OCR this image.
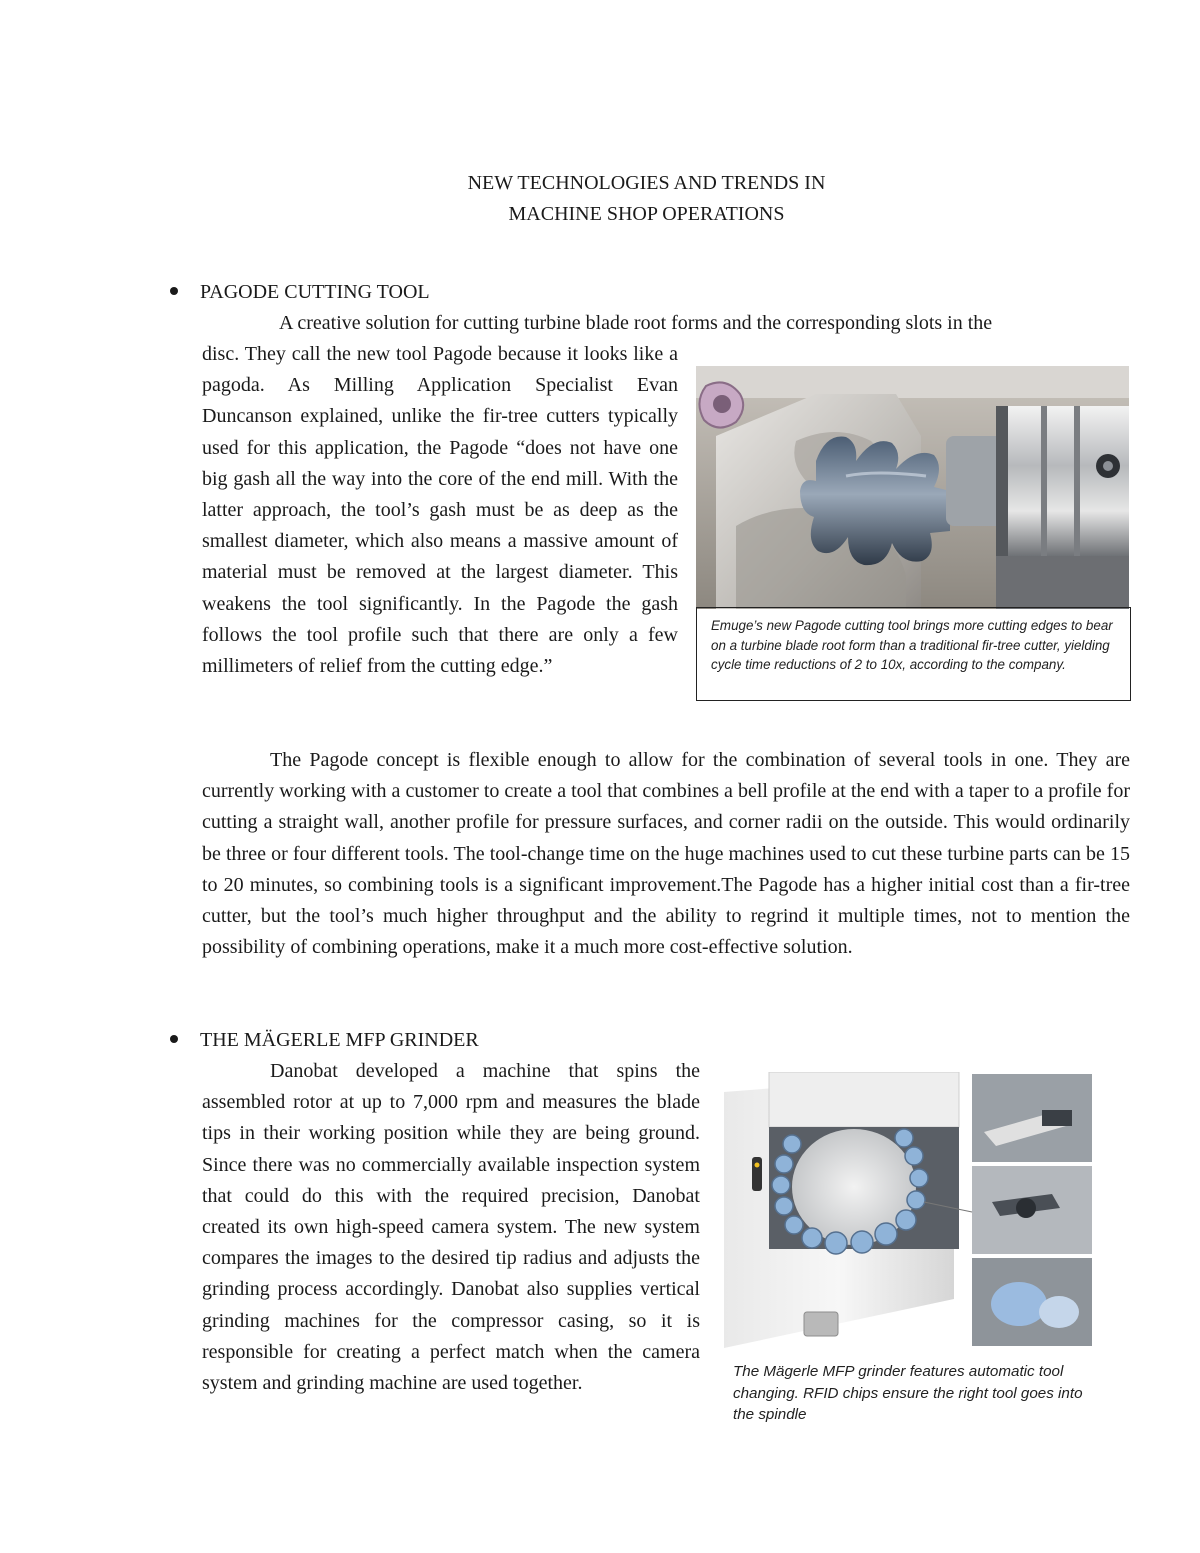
NEW TECHNOLOGIES AND TRENDS IN
MACHINE SHOP OPERATIONS
PAGODE CUTTING TOOL

A creative solution for cutting turbine blade root forms and the corresponding slots in the

disc. They call the new tool Pagode because it looks like a pagoda. As Milling Application Specialist Evan Duncanson explained, unlike the fir-tree cutters typically used for this application, the Pagode “does not have one big gash all the way into the core of the end mill. With the latter approach, the tool’s gash must be as deep as the smallest diameter, which also means a massive amount of material must be removed at the largest diameter. This weakens the tool significantly. In the Pagode the gash follows the tool profile such that there are only a few millimeters of relief from the cutting edge.”

Emuge’s new Pagode cutting tool brings more cutting edges to bear on a turbine blade root form than a traditional fir-tree cutter, yielding cycle time reductions of 2 to 10x, according to the company.

The Pagode concept is flexible enough to allow for the combination of several tools in one. They are currently working with a customer to create a tool that combines a bell profile at the end with a taper to a profile for cutting a straight wall, another profile for pressure surfaces, and corner radii on the outside. This would ordinarily be three or four different tools. The tool-change time on the huge machines used to cut these turbine parts can be 15 to 20 minutes, so combining tools is a significant improvement.The Pagode has a higher initial cost than a fir-tree cutter, but the tool’s much higher throughput and the ability to regrind it multiple times, not to mention the possibility of combining operations, make it a much more cost-effective solution.

THE MÄGERLE MFP GRINDER

Danobat developed a machine that spins the assembled rotor at up to 7,000 rpm and measures the blade tips in their working position while they are being ground. Since there was no commercially available inspection system that could do this with the required precision, Danobat created its own high-speed camera system. The new system compares the images to the desired tip radius and adjusts the grinding process accordingly. Danobat also supplies vertical grinding machines for the compressor casing, so it is responsible for creating a perfect match when the camera system and grinding machine are used together.

The Mägerle MFP grinder features automatic tool changing. RFID chips ensure the right tool goes into the spindle
